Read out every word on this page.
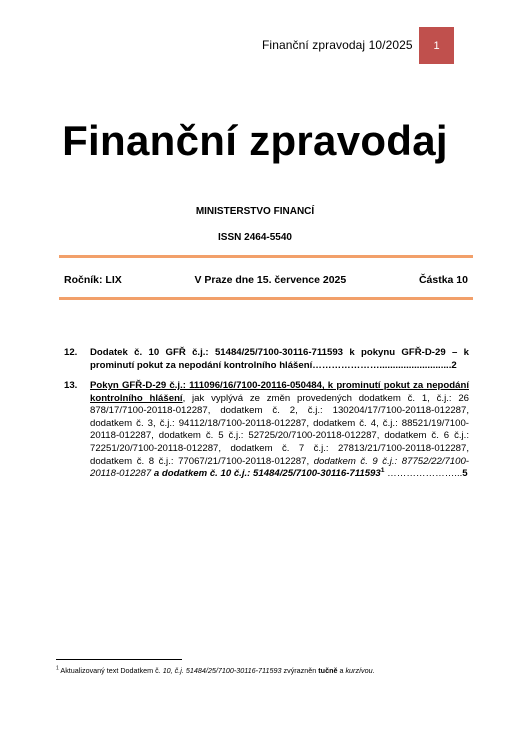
Finanční zpravodaj 10/2025	1
Finanční zpravodaj
MINISTERSTVO FINANCÍ
ISSN 2464-5540
Ročník: LIX	V Praze dne 15. července 2025	Částka 10
12.	Dodatek č. 10 GFŘ č.j.: 51484/25/7100-30116-711593 k pokynu GFŘ-D-29 – k prominutí pokut za nepodání kontrolního hlášení…………………...........................2
13.	Pokyn GFŘ-D-29 č.j.: 111096/16/7100-20116-050484, k prominutí pokut za nepodání kontrolního hlášení, jak vyplývá ze změn provedených dodatkem č. 1, č.j.: 26 878/17/7100-20118-012287, dodatkem č. 2, č.j.: 130204/17/7100-20118-012287, dodatkem č. 3, č.j.: 94112/18/7100-20118-012287, dodatkem č. 4, č.j.: 88521/19/7100-20118-012287, dodatkem č. 5 č.j.: 52725/20/7100-20118-012287, dodatkem č. 6 č.j.: 72251/20/7100-20118-012287, dodatkem č. 7 č.j.: 27813/21/7100-20118-012287, dodatkem č. 8 č.j.: 77067/21/7100-20118-012287, dodatkem č. 9 č.j.: 87752/22/7100-20118-012287 a dodatkem č. 10 č.j.: 51484/25/7100-30116-711593$^1$ …………………...5
$^1$ Aktualizovaný text Dodatkem č. 10, č.j. 51484/25/7100-30116-711593 zvýrazněn tučně a kurzívou.
